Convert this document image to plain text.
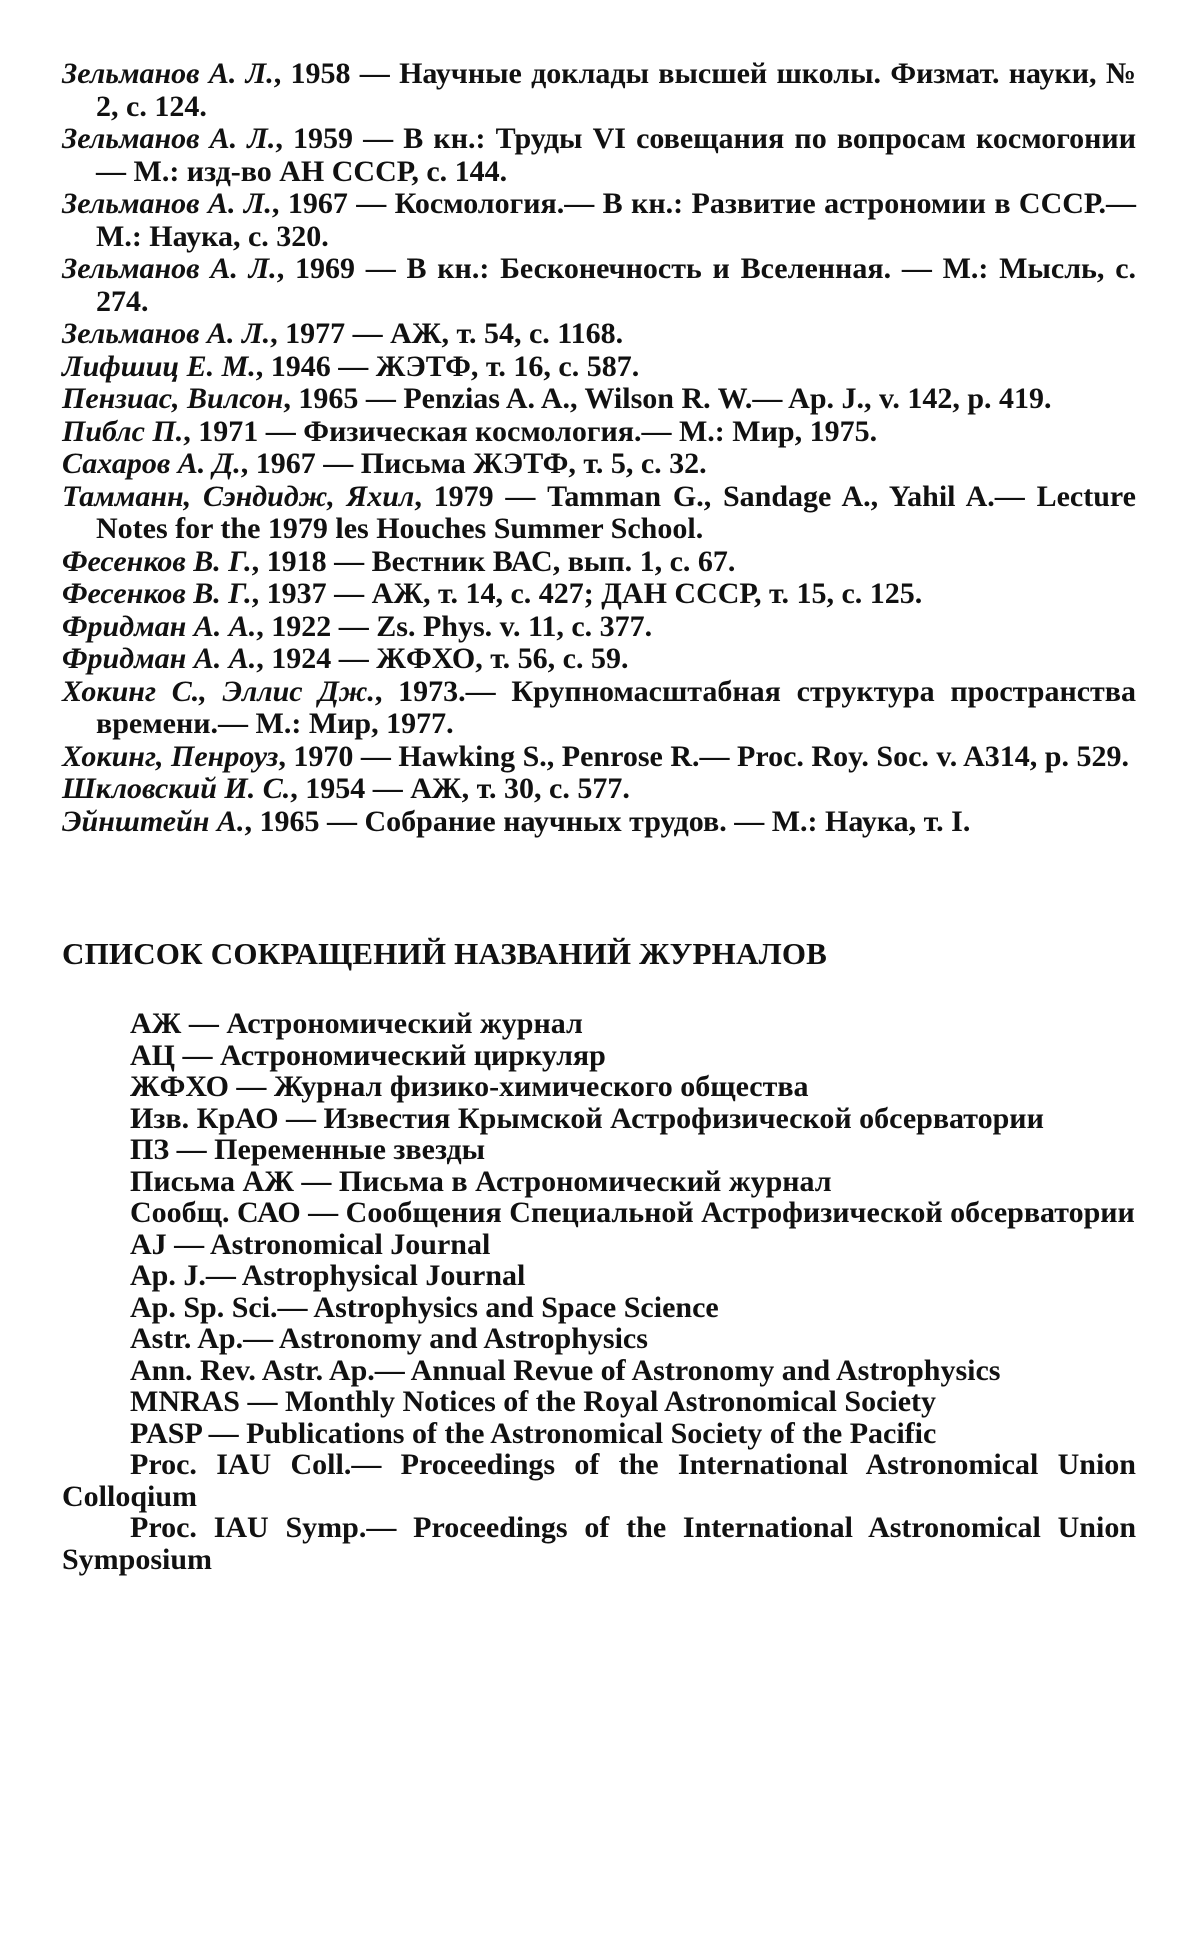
Зельманов А. Л., 1958 — Научные доклады высшей школы. Физмат. науки, № 2, с. 124.
Зельманов А. Л., 1959 — В кн.: Труды VI совещания по вопросам космогонии — М.: изд-во АН СССР, с. 144.
Зельманов А. Л., 1967 — Космология.— В кн.: Развитие астрономии в СССР.—М.: Наука, с. 320.
Зельманов А. Л., 1969 — В кн.: Бесконечность и Вселенная. — М.: Мысль, с. 274.
Зельманов А. Л., 1977 — АЖ, т. 54, с. 1168.
Лифшиц Е. М., 1946 — ЖЭТФ, т. 16, с. 587.
Пензиас, Вилсон, 1965 — Penzias A. A., Wilson R. W.— Ap. J., v. 142, p. 419.
Пиблс П., 1971 — Физическая космология.— М.: Мир, 1975.
Сахаров А. Д., 1967 — Письма ЖЭТФ, т. 5, с. 32.
Тамманн, Сэндидж, Яхил, 1979 — Tamman G., Sandage A., Yahil A.— Lecture Notes for the 1979 les Houches Summer School.
Фесенков В. Г., 1918 — Вестник ВАС, вып. 1, с. 67.
Фесенков В. Г., 1937 — АЖ, т. 14, с. 427; ДАН СССР, т. 15, с. 125.
Фридман А. А., 1922 — Zs. Phys. v. 11, c. 377.
Фридман А. А., 1924 — ЖФХО, т. 56, с. 59.
Хокинг С., Эллис Дж., 1973.— Крупномасштабная структура пространства времени.— М.: Мир, 1977.
Хокинг, Пенроуз, 1970 — Hawking S., Penrose R.— Proc. Roy. Soc. v. A314, p. 529.
Шкловский И. С., 1954 — АЖ, т. 30, с. 577.
Эйнштейн А., 1965 — Собрание научных трудов. — М.: Наука, т. I.
СПИСОК СОКРАЩЕНИЙ НАЗВАНИЙ ЖУРНАЛОВ
АЖ — Астрономический журнал
АЦ — Астрономический циркуляр
ЖФХО — Журнал физико-химического общества
Изв. КрАО — Известия Крымской Астрофизической обсерватории
ПЗ — Переменные звезды
Письма АЖ — Письма в Астрономический журнал
Сообщ. САО — Сообщения Специальной Астрофизической обсерватории
AJ — Astronomical Journal
Ap. J.— Astrophysical Journal
Ap. Sp. Sci.— Astrophysics and Space Science
Astr. Ap.— Astronomy and Astrophysics
Ann. Rev. Astr. Ap.— Annual Revue of Astronomy and Astrophysics
MNRAS — Monthly Notices of the Royal Astronomical Society
PASP — Publications of the Astronomical Society of the Pacific
Proc. IAU Coll.— Proceedings of the International Astronomical Union Colloqium
Proc. IAU Symp.— Proceedings of the International Astronomical Union Symposium
